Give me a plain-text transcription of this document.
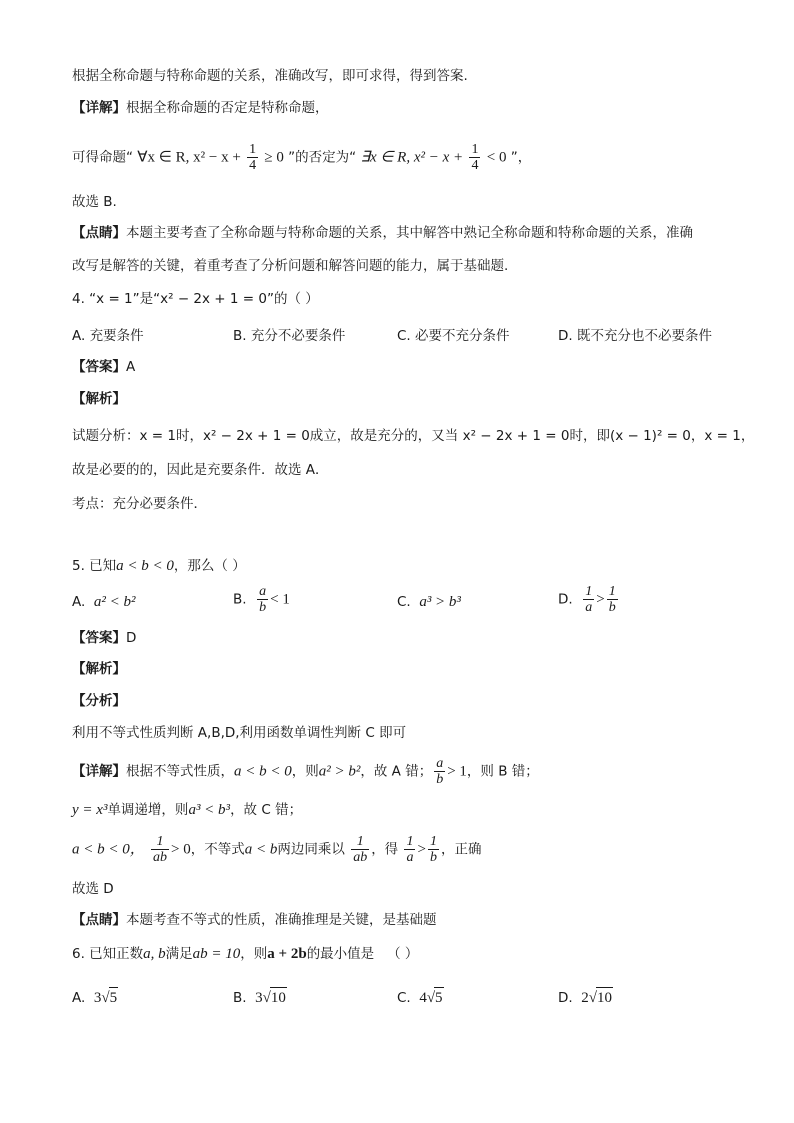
根据全称命题与特称命题的关系，准确改写，即可求得，得到答案.
【详解】根据全称命题的否定是特称命题，
可得命题“ ∀x ∈ R, $x^2 - x + \frac{1}{4} \ge 0$ ”的否定为“ ∃x ∈ R, $x^2 - x + \frac{1}{4} < 0$ ”，
故选 B.
【点睛】本题主要考查了全称命题与特称命题的关系，其中解答中熟记全称命题和特称命题的关系，准确
改写是解答的关键，着重考查了分析问题和解答问题的能力，属于基础题.
4. “x = 1”是“x² − 2x + 1 = 0”的（ ）
A. 充要条件	B. 充分不必要条件	C. 必要不充分条件	D. 既不充分也不必要条件
【答案】A
【解析】
试题分析：x = 1时，x² − 2x + 1 = 0成立，故是充分的，又当 x² − 2x + 1 = 0时，即(x − 1)² = 0，x = 1，
故是必要的的，因此是充要条件．故选 A．
考点：充分必要条件．
5. 已知a < b < 0，那么（ ）
A. a² < b²	B. $\frac{a}{b} < 1$	C. a³ > b³	D. $\frac{1}{a} > \frac{1}{b}$
【答案】D
【解析】
【分析】
利用不等式性质判断 A,B,D,利用函数单调性判断 C 即可
【详解】根据不等式性质，a < b < 0，则a² > b²，故 A 错； $\frac{a}{b} > 1$，则 B 错；
y = x³单调递增，则a³ < b³，故 C 错；
a < b < 0， $\frac{1}{ab} > 0$，不等式a < b两边同乘以 $\frac{1}{ab}$ ，得 $\frac{1}{a} > \frac{1}{b}$ ，正确
故选 D
【点睛】本题考查不等式的性质，准确推理是关键，是基础题
6. 已知正数a, b满足ab = 10，则a + 2b的最小值是 （ ）
A. 3√5	B. 3√10	C. 4√5	D. 2√10
